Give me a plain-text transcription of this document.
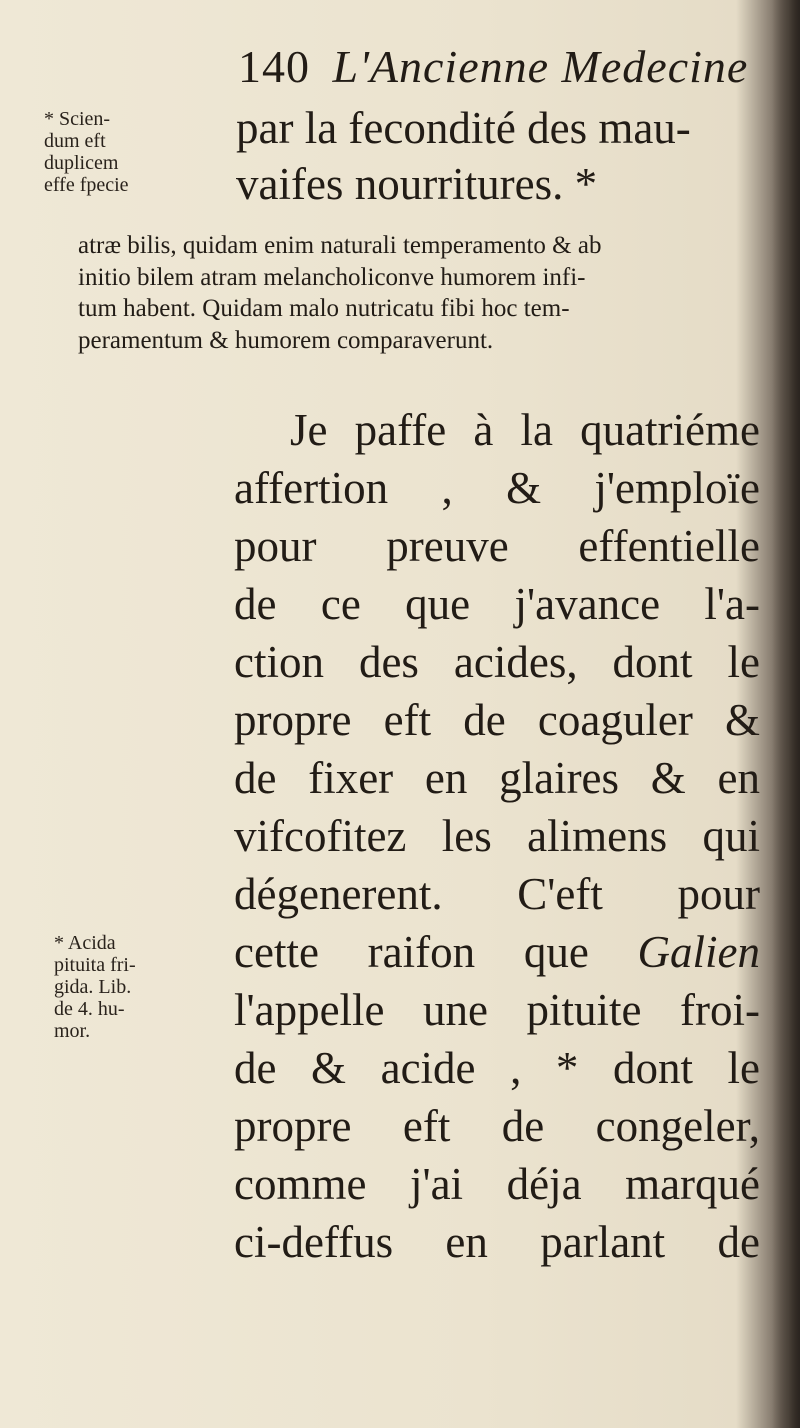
140 L'Ancienne Medecine
par la fecondité des mau-
vaifes nourritures. *
* Scien-
dum eft
duplicem
effe fpecie
atræ bilis, quidam enim naturali temperamento & ab
initio bilem atram melancholiconve humorem infi-
tum habent. Quidam malo nutricatu fibi hoc tem-
peramentum & humorem comparaverunt.
Je paffe à la quatriéme
affertion , & j'emploïe
pour preuve effentielle
de ce que j'avance l'a-
ction des acides, dont le
propre eft de coaguler &
de fixer en glaires & en
vifcofitez les alimens qui
dégenerent. C'eft pour
cette raifon que Galien
l'appelle une pituite froi-
de & acide , * dont le
propre eft de congeler,
comme j'ai déja marqué
ci-deffus en parlant de
* Acida
pituita fri-
gida. Lib.
de 4. hu-
mor.
